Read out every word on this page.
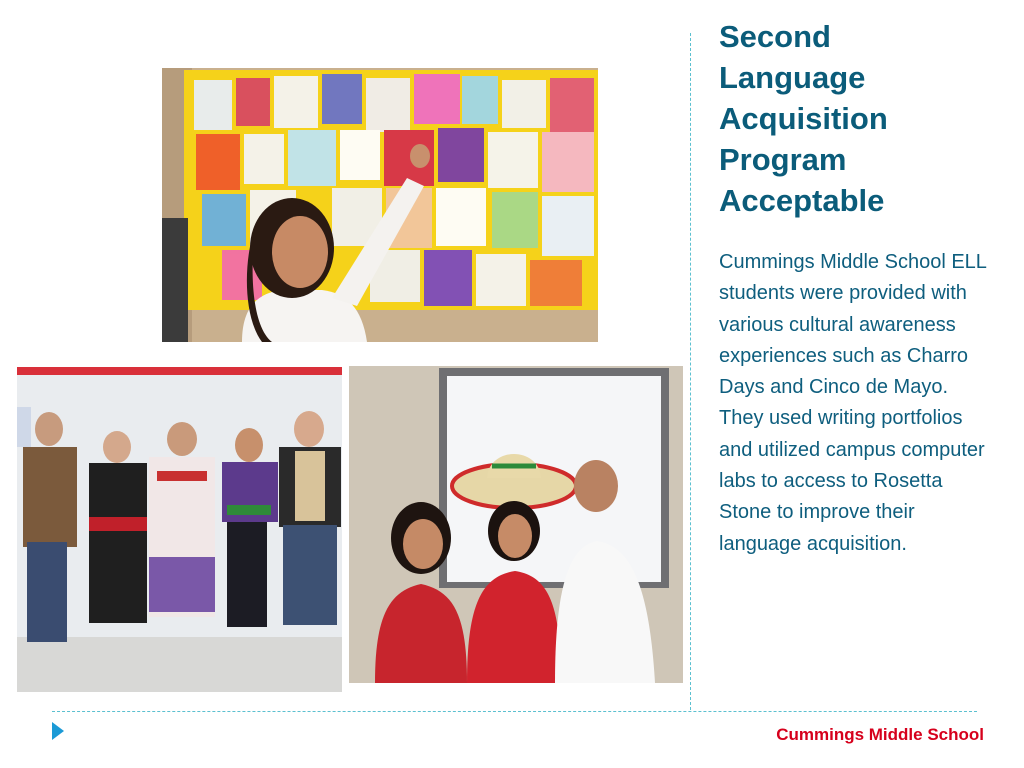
Second
Language
Acquisition
Program
Acceptable

Cummings Middle School ELL students were provided with various cultural awareness experiences such as Charro Days and Cinco de Mayo. They used writing portfolios and utilized campus computer labs to access to Rosetta Stone to improve their language acquisition.

Cummings Middle School
